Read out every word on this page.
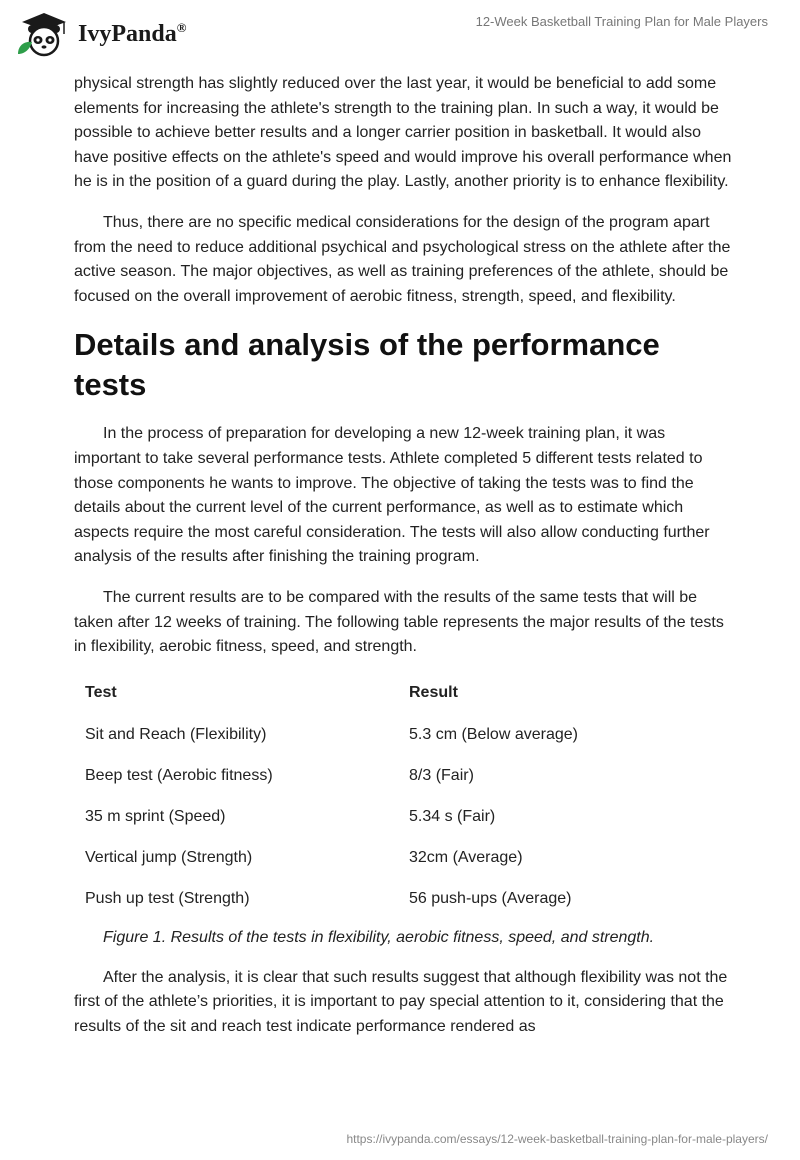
IvyPanda®	12-Week Basketball Training Plan for Male Players

physical strength has slightly reduced over the last year, it would be beneficial to add some elements for increasing the athlete's strength to the training plan. In such a way, it would be possible to achieve better results and a longer carrier position in basketball. It would also have positive effects on the athlete's speed and would improve his overall performance when he is in the position of a guard during the play. Lastly, another priority is to enhance flexibility.

Thus, there are no specific medical considerations for the design of the program apart from the need to reduce additional psychical and psychological stress on the athlete after the active season. The major objectives, as well as training preferences of the athlete, should be focused on the overall improvement of aerobic fitness, strength, speed, and flexibility.

Details and analysis of the performance tests

In the process of preparation for developing a new 12-week training plan, it was important to take several performance tests. Athlete completed 5 different tests related to those components he wants to improve. The objective of taking the tests was to find the details about the current level of the current performance, as well as to estimate which aspects require the most careful consideration. The tests will also allow conducting further analysis of the results after finishing the training program.

The current results are to be compared with the results of the same tests that will be taken after 12 weeks of training. The following table represents the major results of the tests in flexibility, aerobic fitness, speed, and strength.

Test	Result
Sit and Reach (Flexibility)	5.3 cm (Below average)
Beep test (Aerobic fitness)	8/3 (Fair)
35 m sprint (Speed)	5.34 s (Fair)
Vertical jump (Strength)	32cm (Average)
Push up test (Strength)	56 push-ups (Average)

Figure 1. Results of the tests in flexibility, aerobic fitness, speed, and strength.

After the analysis, it is clear that such results suggest that although flexibility was not the first of the athlete’s priorities, it is important to pay special attention to it, considering that the results of the sit and reach test indicate performance rendered as

https://ivypanda.com/essays/12-week-basketball-training-plan-for-male-players/
